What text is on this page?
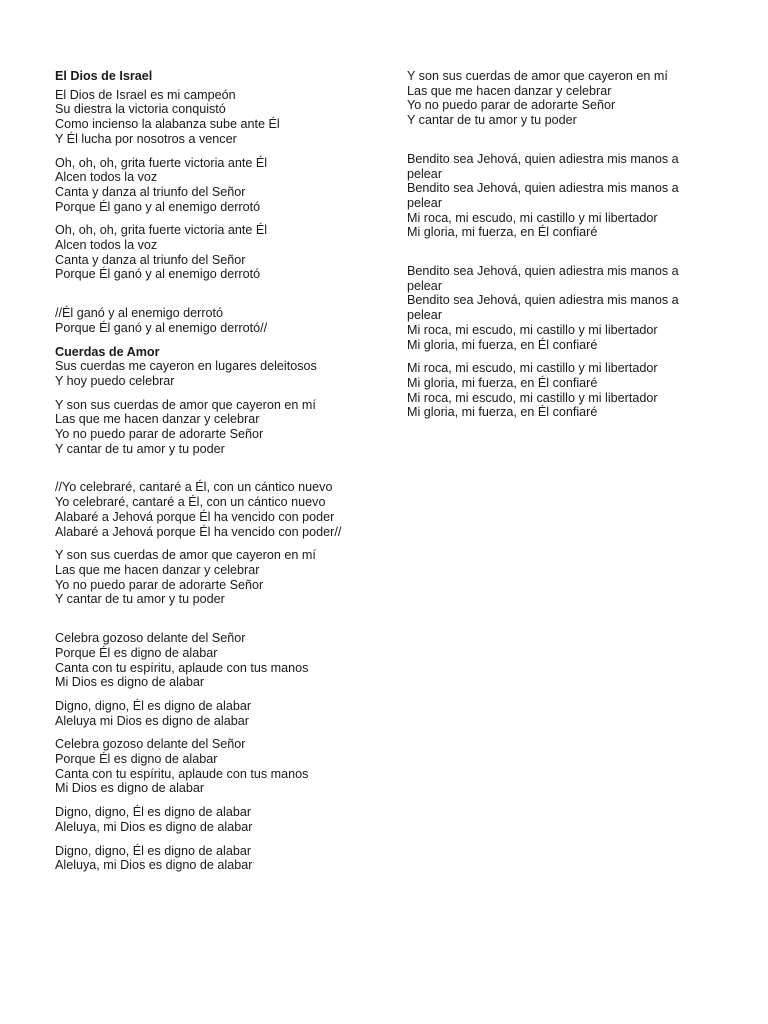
El Dios de Israel
El Dios de Israel es mi campeón
Su diestra la victoria conquistó
Como incienso la alabanza sube ante Él
Y Él lucha por nosotros a vencer
Oh, oh, oh, grita fuerte victoria ante Él
Alcen todos la voz
Canta y danza al triunfo del Señor
Porque Él gano y al enemigo derrotó
Oh, oh, oh, grita fuerte victoria ante Él
Alcen todos la voz
Canta y danza al triunfo del Señor
Porque Él ganó y al enemigo derrotó
//Él ganó y al enemigo derrotó
Porque Él ganó y al enemigo derrotó//
Cuerdas de Amor
Sus cuerdas me cayeron en lugares deleitosos
Y hoy puedo celebrar
Y son sus cuerdas de amor que cayeron en mí
Las que me hacen danzar y celebrar
Yo no puedo parar de adorarte Señor
Y cantar de tu amor y tu poder
//Yo celebraré, cantaré a Él, con un cántico nuevo
Yo celebraré, cantaré a Él, con un cántico nuevo
Alabaré a Jehová porque Él ha vencido con poder
Alabaré a Jehová porque Él ha vencido con poder//
Y son sus cuerdas de amor que cayeron en mí
Las que me hacen danzar y celebrar
Yo no puedo parar de adorarte Señor
Y cantar de tu amor y tu poder
Celebra gozoso delante del Señor
Porque Él es digno de alabar
Canta con tu espíritu, aplaude con tus manos
Mi Dios es digno de alabar
Digno, digno, Él es digno de alabar
Aleluya mi Dios es digno de alabar
Celebra gozoso delante del Señor
Porque Él es digno de alabar
Canta con tu espíritu, aplaude con tus manos
Mi Dios es digno de alabar
Digno, digno, Él es digno de alabar
Aleluya, mi Dios es digno de alabar
Digno, digno, Él es digno de alabar
Aleluya, mi Dios es digno de alabar
Y son sus cuerdas de amor que cayeron en mí
Las que me hacen danzar y celebrar
Yo no puedo parar de adorarte Señor
Y cantar de tu amor y tu poder
Bendito sea Jehová, quien adiestra mis manos a pelear
Bendito sea Jehová, quien adiestra mis manos a pelear
Mi roca, mi escudo, mi castillo y mi libertador
Mi gloria, mi fuerza, en Él confiaré
Bendito sea Jehová, quien adiestra mis manos a pelear
Bendito sea Jehová, quien adiestra mis manos a pelear
Mi roca, mi escudo, mi castillo y mi libertador
Mi gloria, mi fuerza, en Él confiaré
Mi roca, mi escudo, mi castillo y mi libertador
Mi gloria, mi fuerza, en Él confiaré
Mi roca, mi escudo, mi castillo y mi libertador
Mi gloria, mi fuerza, en Él confiaré
